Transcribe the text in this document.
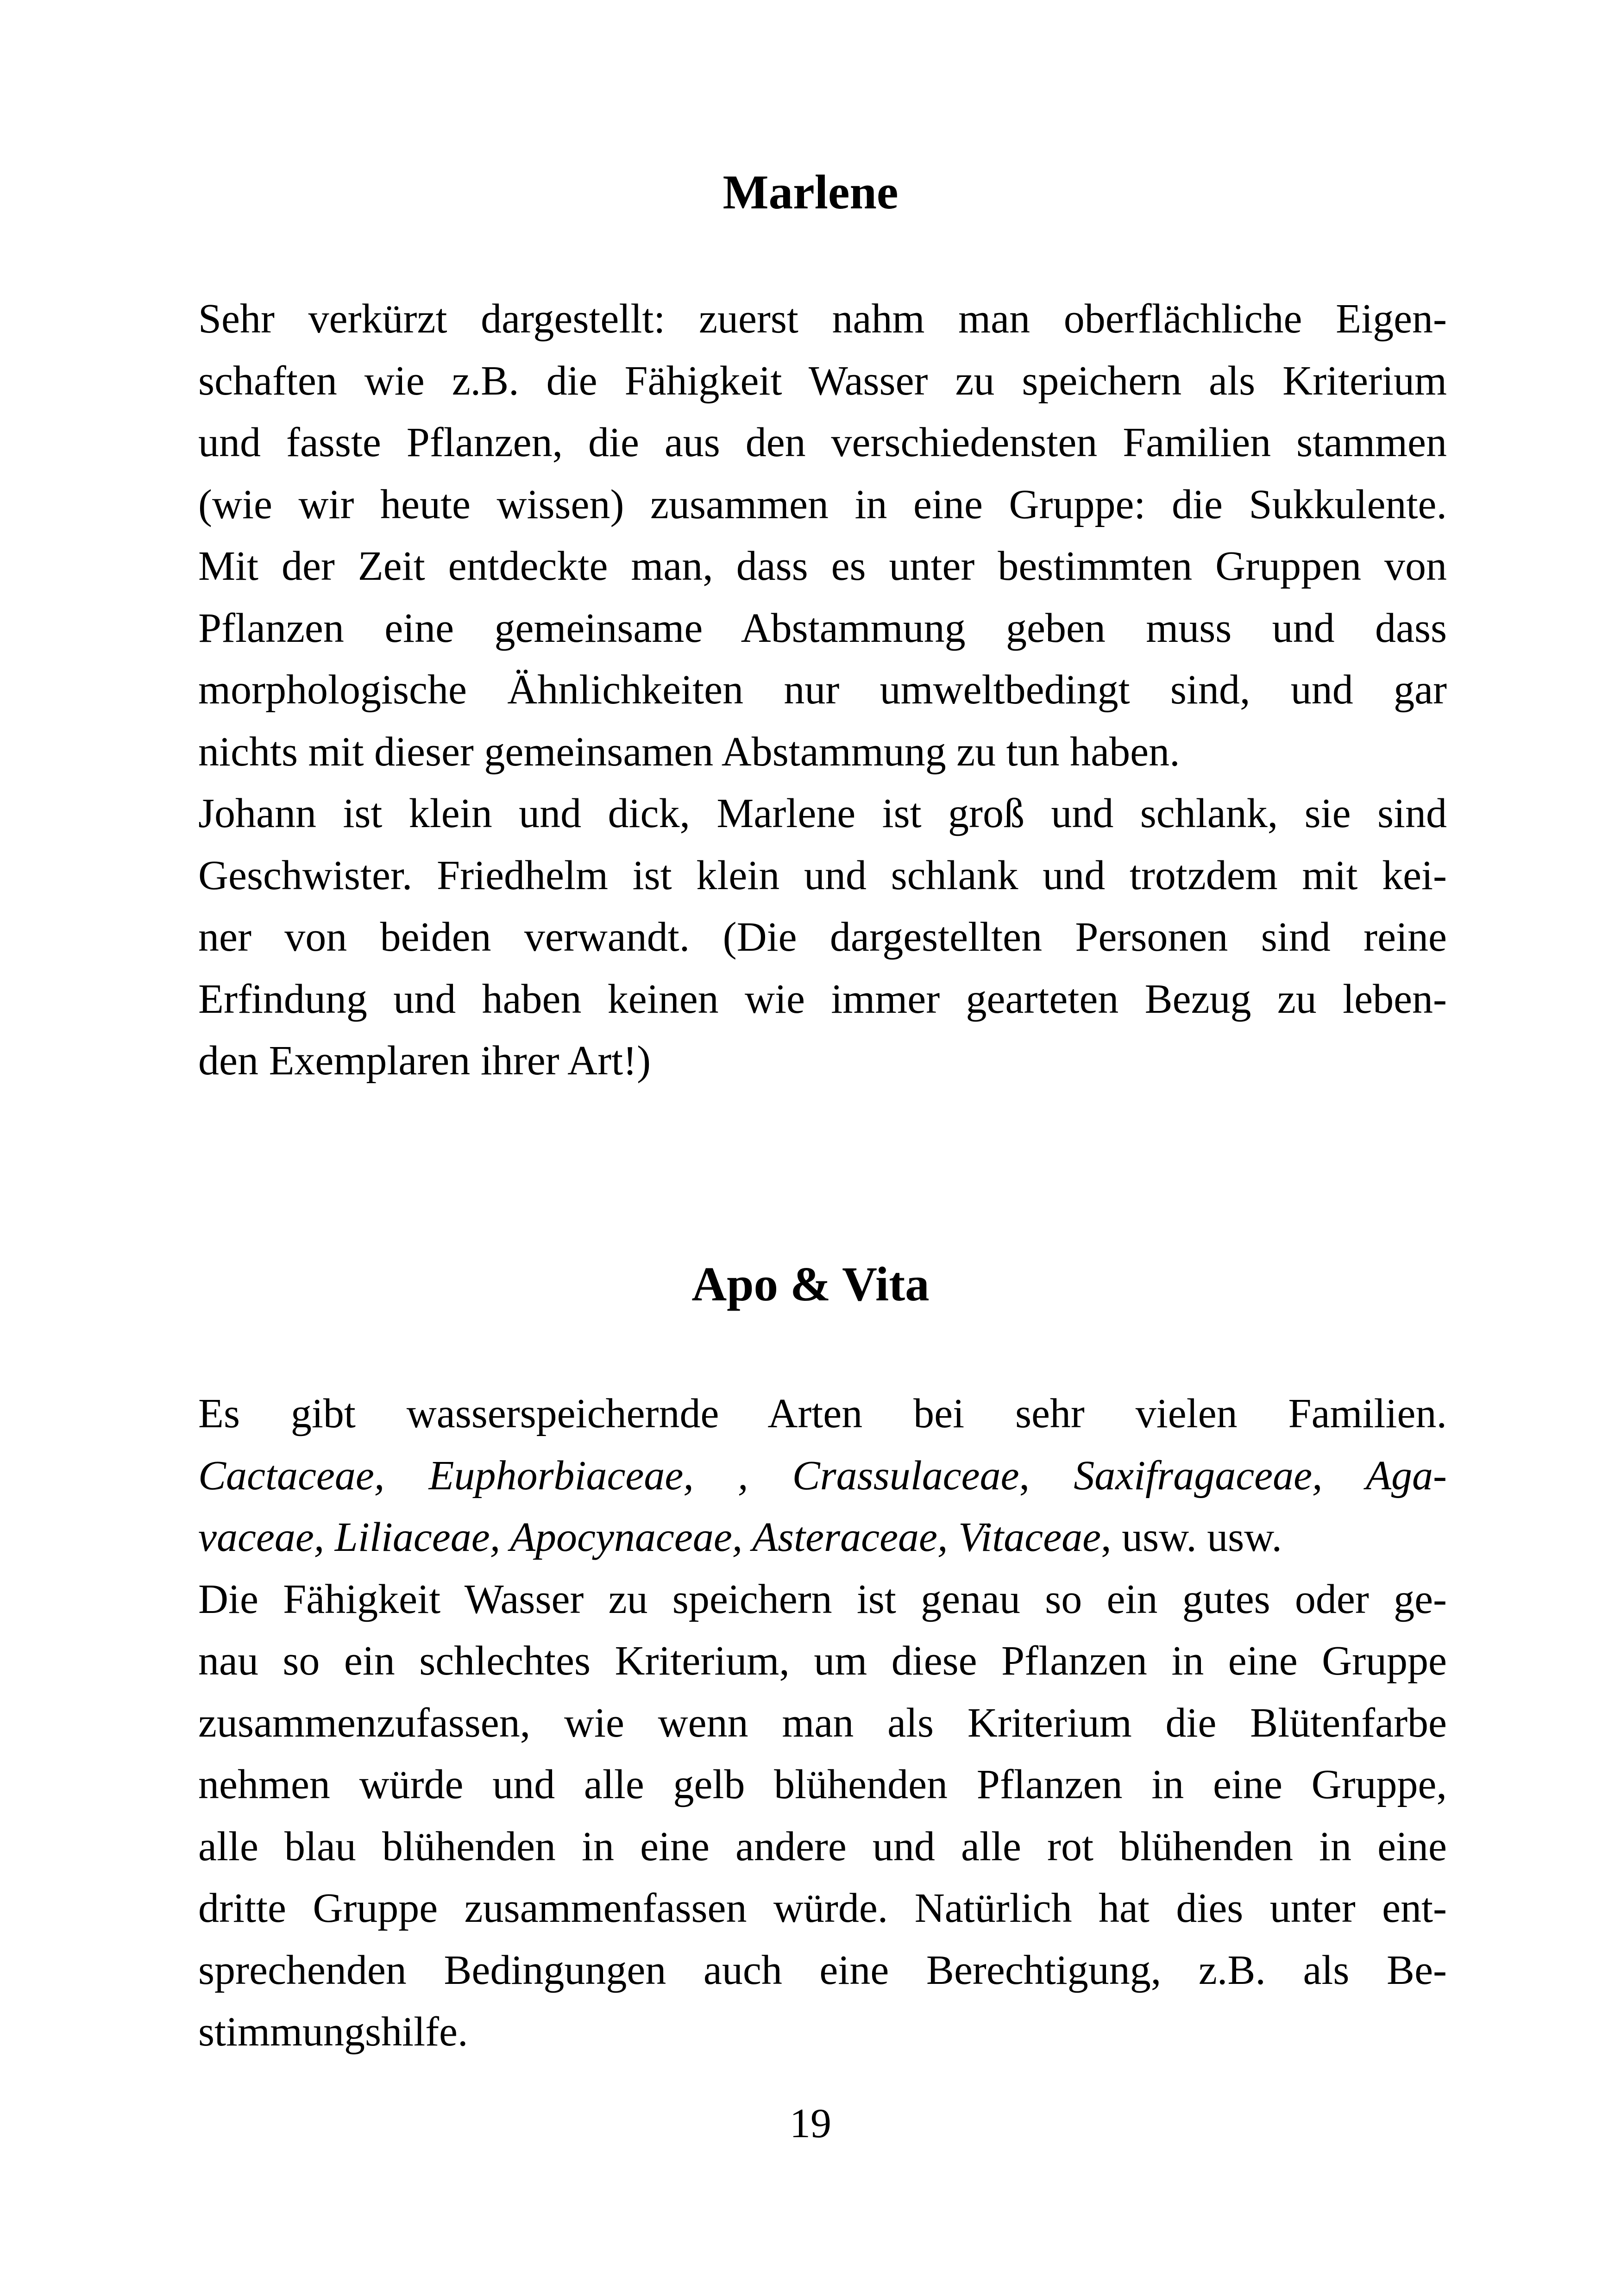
Marlene
Sehr verkürzt dargestellt: zuerst nahm man oberflächliche Eigen-
schaften wie z.B. die Fähigkeit Wasser zu speichern als Kriterium
und fasste Pflanzen, die aus den verschiedensten Familien stammen
(wie wir heute wissen) zusammen in eine Gruppe: die Sukkulente.
Mit der Zeit entdeckte man, dass es unter bestimmten Gruppen von
Pflanzen eine gemeinsame Abstammung geben muss und dass
morphologische Ähnlichkeiten nur umweltbedingt sind, und gar
nichts mit dieser gemeinsamen Abstammung zu tun haben.
Johann ist klein und dick, Marlene ist groß und schlank, sie sind
Geschwister. Friedhelm ist klein und schlank und trotzdem mit kei-
ner von beiden verwandt. (Die dargestellten Personen sind reine
Erfindung und haben keinen wie immer gearteten Bezug zu leben-
den Exemplaren ihrer Art!)
Apo & Vita
Es gibt wasserspeichernde Arten bei sehr vielen Familien.
Cactaceae, Euphorbiaceae, , Crassulaceae, Saxifragaceae, Aga-
vaceae, Liliaceae, Apocynaceae, Asteraceae, Vitaceae, usw. usw.
Die Fähigkeit Wasser zu speichern ist genau so ein gutes oder ge-
nau so ein schlechtes Kriterium, um diese Pflanzen in eine Gruppe
zusammenzufassen, wie wenn man als Kriterium die Blütenfarbe
nehmen würde und alle gelb blühenden Pflanzen in eine Gruppe,
alle blau blühenden in eine andere und alle rot blühenden in eine
dritte Gruppe zusammenfassen würde. Natürlich hat dies unter ent-
sprechenden Bedingungen auch eine Berechtigung, z.B. als Be-
stimmungshilfe.
19
